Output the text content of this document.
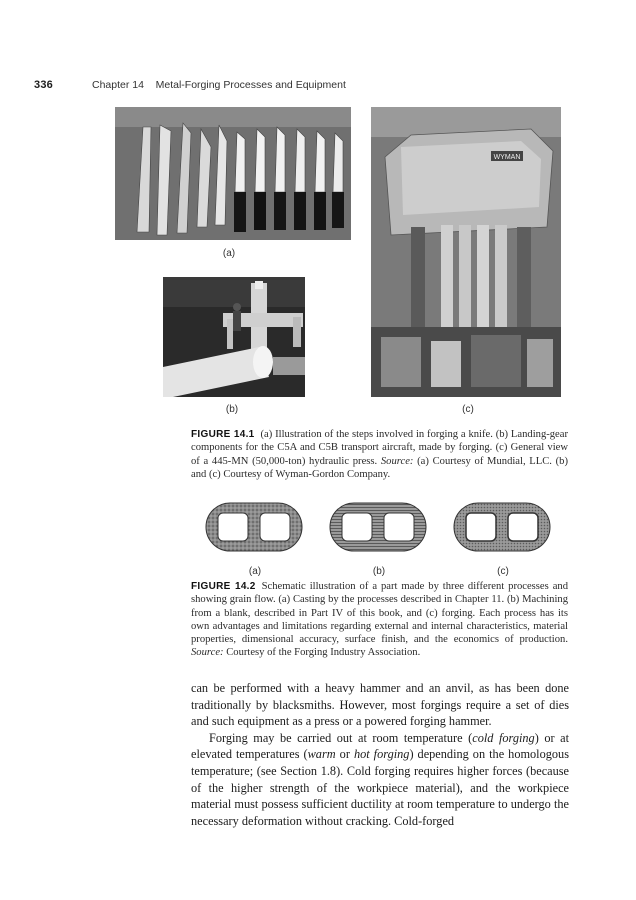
336	Chapter 14 Metal-Forging Processes and Equipment
(a)
(b)
WYMAN
(c)
FIGURE 14.1 (a) Illustration of the steps involved in forging a knife. (b) Landing-gear components for the C5A and C5B transport aircraft, made by forging. (c) General view of a 445-MN (50,000-ton) hydraulic press. Source: (a) Courtesy of Mundial, LLC. (b) and (c) Courtesy of Wyman-Gordon Company.
(a)	(b)	(c)
FIGURE 14.2 Schematic illustration of a part made by three different processes and showing grain flow. (a) Casting by the processes described in Chapter 11. (b) Machining from a blank, described in Part IV of this book, and (c) forging. Each process has its own advantages and limitations regarding external and internal characteristics, material properties, dimensional accuracy, surface finish, and the economics of production. Source: Courtesy of the Forging Industry Association.

can be performed with a heavy hammer and an anvil, as has been done traditionally by blacksmiths. However, most forgings require a set of dies and such equipment as a press or a powered forging hammer.

Forging may be carried out at room temperature (cold forging) or at elevated temperatures (warm or hot forging) depending on the homologous temperature; (see Section 1.8). Cold forging requires higher forces (because of the higher strength of the workpiece material), and the workpiece material must possess sufficient ductility at room temperature to undergo the necessary deformation without cracking. Cold-forged
